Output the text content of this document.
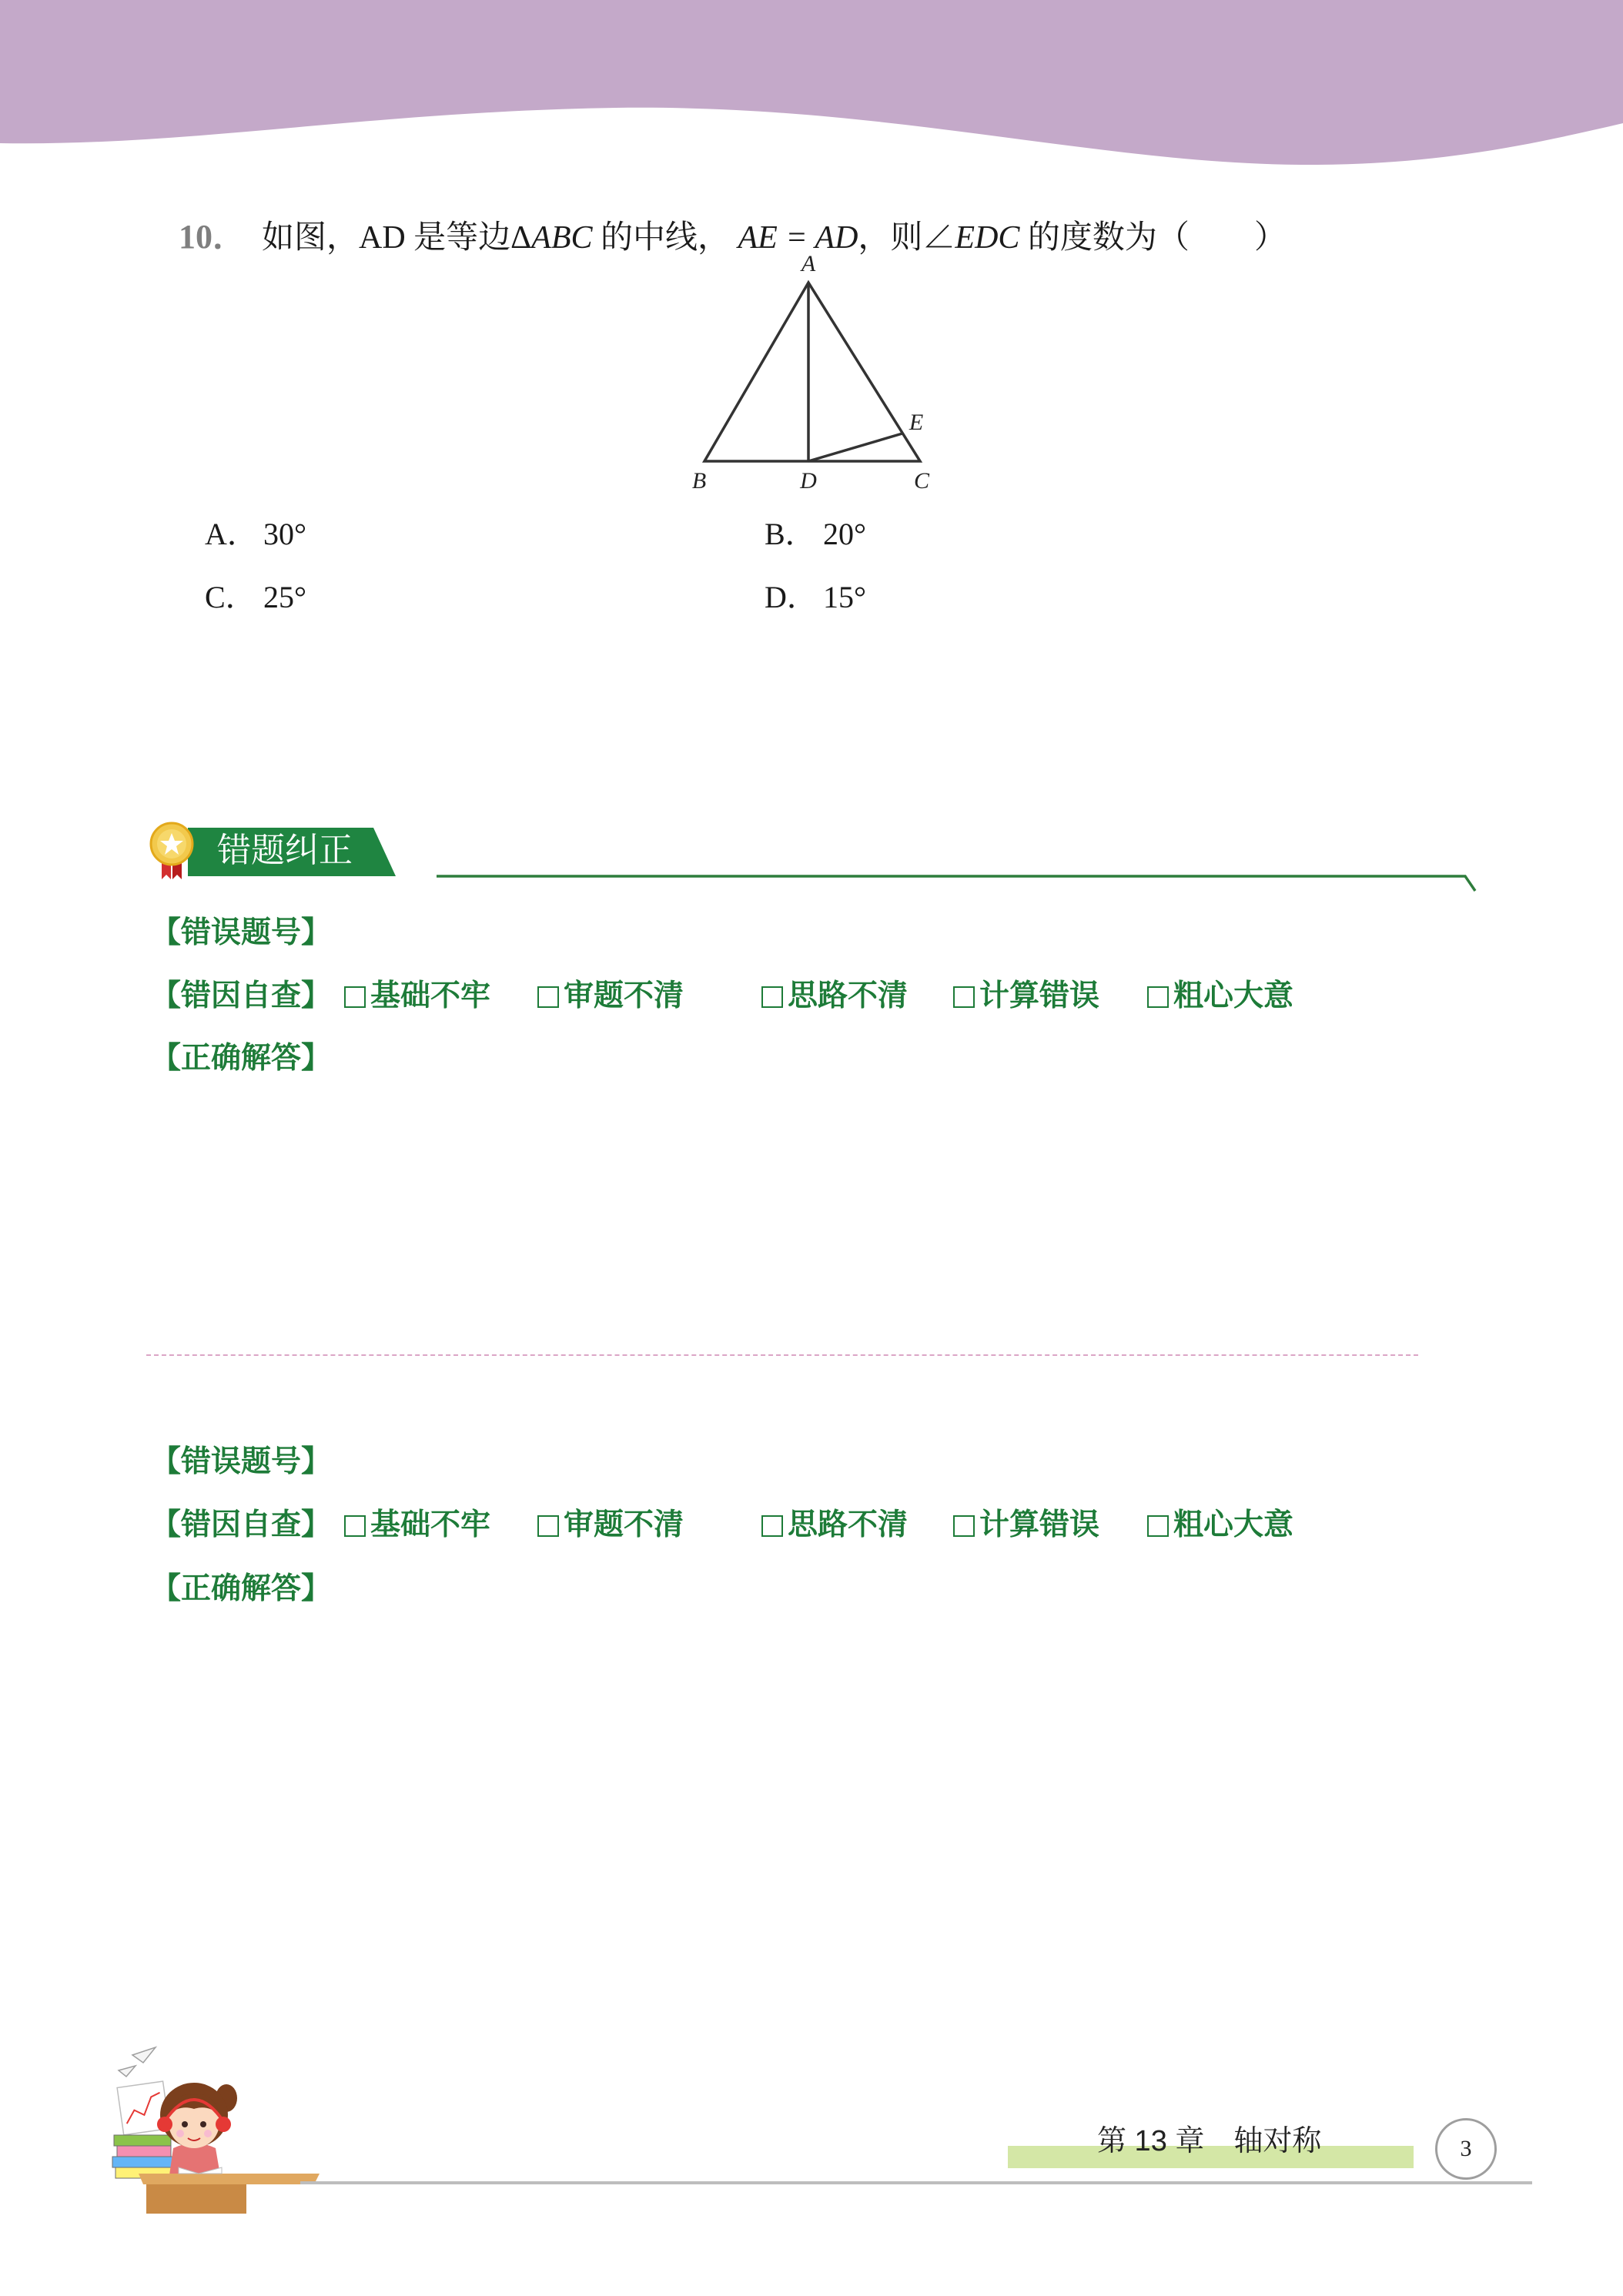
10． 如图，AD 是等边ΔABC 的中线， AE = AD，则∠EDC 的度数为（　　）

A
B	D	C
E
A． 30°	B． 20°
C． 25°	D． 15°
错题纠正
【错误题号】
【错因自查】	基础不牢	审题不清	思路不清	计算错误	粗心大意
【正确解答】
【错误题号】
【错因自查】	基础不牢	审题不清	思路不清	计算错误	粗心大意
【正确解答】
第 13 章　轴对称	3
